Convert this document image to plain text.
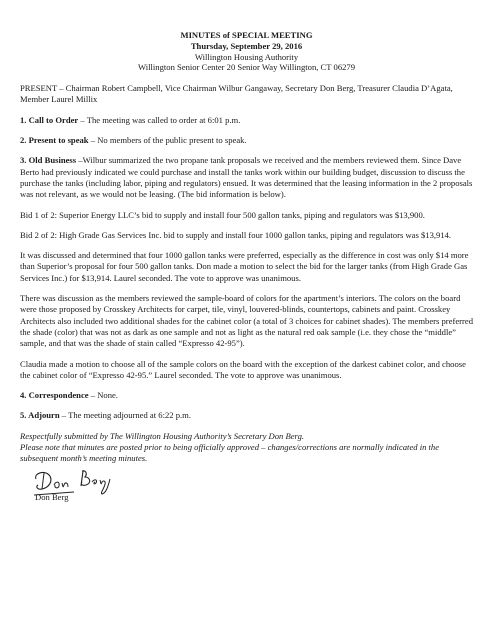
MINUTES of SPECIAL MEETING
Thursday, September 29, 2016
Willington Housing Authority
Willington Senior Center 20 Senior Way Willington, CT 06279

PRESENT – Chairman Robert Campbell, Vice Chairman Wilbur Gangaway, Secretary Don Berg, Treasurer Claudia D’Agata, Member Laurel Millix

1. Call to Order – The meeting was called to order at 6:01 p.m.

2. Present to speak – No members of the public present to speak.

3. Old Business –Wilbur summarized the two propane tank proposals we received and the members reviewed them. Since Dave Berto had previously indicated we could purchase and install the tanks work within our building budget, discussion to discuss the purchase the tanks (including labor, piping and regulators) ensued. It was determined that the leasing information in the 2 proposals was not relevant, as we would not be leasing. (The bid information is below).

Bid 1 of 2: Superior Energy LLC’s bid to supply and install four 500 gallon tanks, piping and regulators was $13,900.

Bid 2 of 2: High Grade Gas Services Inc. bid to supply and install four 1000 gallon tanks, piping and regulators was $13,914.

It was discussed and determined that four 1000 gallon tanks were preferred, especially as the difference in cost was only $14 more than Superior’s proposal for four 500 gallon tanks. Don made a motion to select the bid for the larger tanks (from High Grade Gas Services Inc.) for $13,914. Laurel seconded. The vote to approve was unanimous.

There was discussion as the members reviewed the sample-board of colors for the apartment’s interiors. The colors on the board were those proposed by Crosskey Architects for carpet, tile, vinyl, louvered-blinds, countertops, cabinets and paint. Crosskey Architects also included two additional shades for the cabinet color (a total of 3 choices for cabinet shades). The members preferred the shade (color) that was not as dark as one sample and not as light as the natural red oak sample (i.e. they chose the “middle” sample, and that was the shade of stain called “Expresso 42-95”).

Claudia made a motion to choose all of the sample colors on the board with the exception of the darkest cabinet color, and choose the cabinet color of “Expresso 42-95.” Laurel seconded. The vote to approve was unanimous.

4. Correspondence – None.

5. Adjourn – The meeting adjourned at 6:22 p.m.

Respectfully submitted by The Willington Housing Authority’s Secretary Don Berg.
Please note that minutes are posted prior to being officially approved – changes/corrections are normally indicated in the subsequent month’s meeting minutes.
Don Berg
